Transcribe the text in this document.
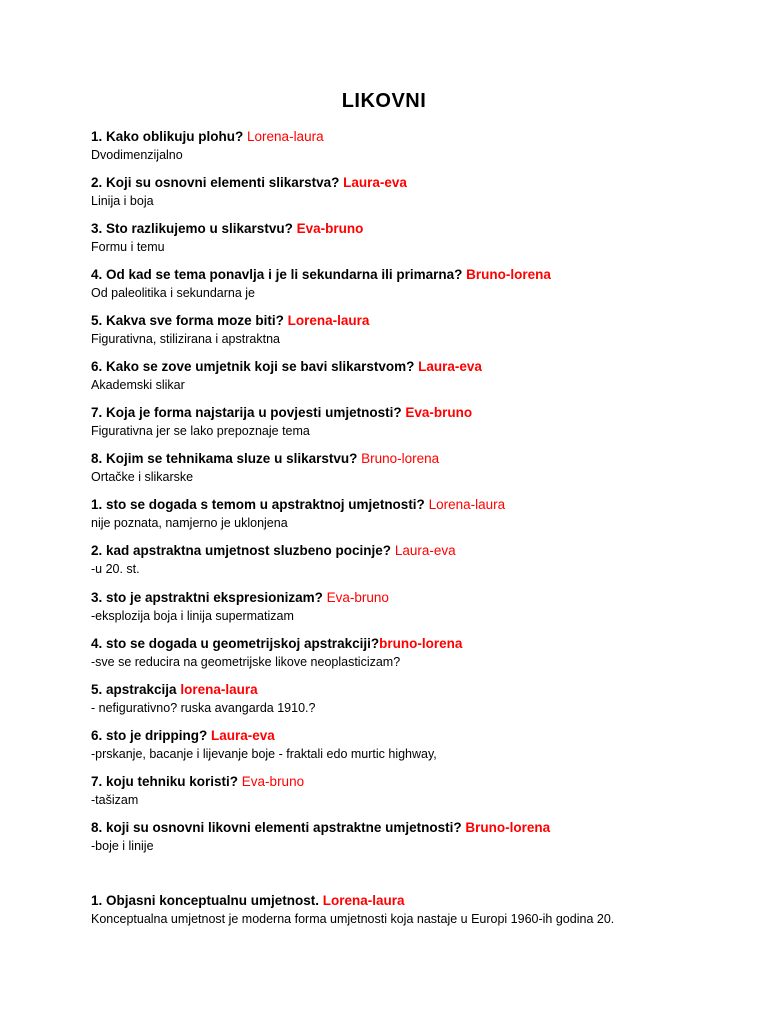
LIKOVNI
1. Kako oblikuju plohu? Lorena-laura
Dvodimenzijalno
2. Koji su osnovni elementi slikarstva? Laura-eva
Linija i boja
3. Sto razlikujemo u slikarstvu? Eva-bruno
Formu i temu
4. Od kad se tema ponavlja i je li sekundarna ili primarna? Bruno-lorena
Od paleolitika i sekundarna je
5. Kakva sve forma moze biti? Lorena-laura
Figurativna, stilizirana i apstraktna
6. Kako se zove umjetnik koji se bavi slikarstvom? Laura-eva
Akademski slikar
7. Koja je forma najstarija u povjesti umjetnosti? Eva-bruno
Figurativna jer se lako prepoznaje tema
8. Kojim se tehnikama sluze u slikarstvu? Bruno-lorena
Ortačke i slikarske
1. sto se dogada s temom u apstraktnoj umjetnosti? Lorena-laura
nije poznata, namjerno je uklonjena
2. kad apstraktna umjetnost sluzbeno pocinje? Laura-eva
-u 20. st.
3. sto je apstraktni ekspresionizam? Eva-bruno
-eksplozija boja i linija supermatizam
4. sto se dogada u geometrijskoj apstrakciji?bruno-lorena
-sve se reducira na geometrijske likove neoplasticizam?
5. apstrakcija lorena-laura
- nefigurativno? ruska avangarda 1910.?
6. sto je dripping? Laura-eva
-prskanje, bacanje i lijevanje boje - fraktali edo murtic highway,
7. koju tehniku koristi? Eva-bruno
-tašizam
8. koji su osnovni likovni elementi apstraktne umjetnosti? Bruno-lorena
-boje i linije
1. Objasni konceptualnu umjetnost. Lorena-laura
Konceptualna umjetnost je moderna forma umjetnosti koja nastaje u Europi 1960-ih godina 20.
